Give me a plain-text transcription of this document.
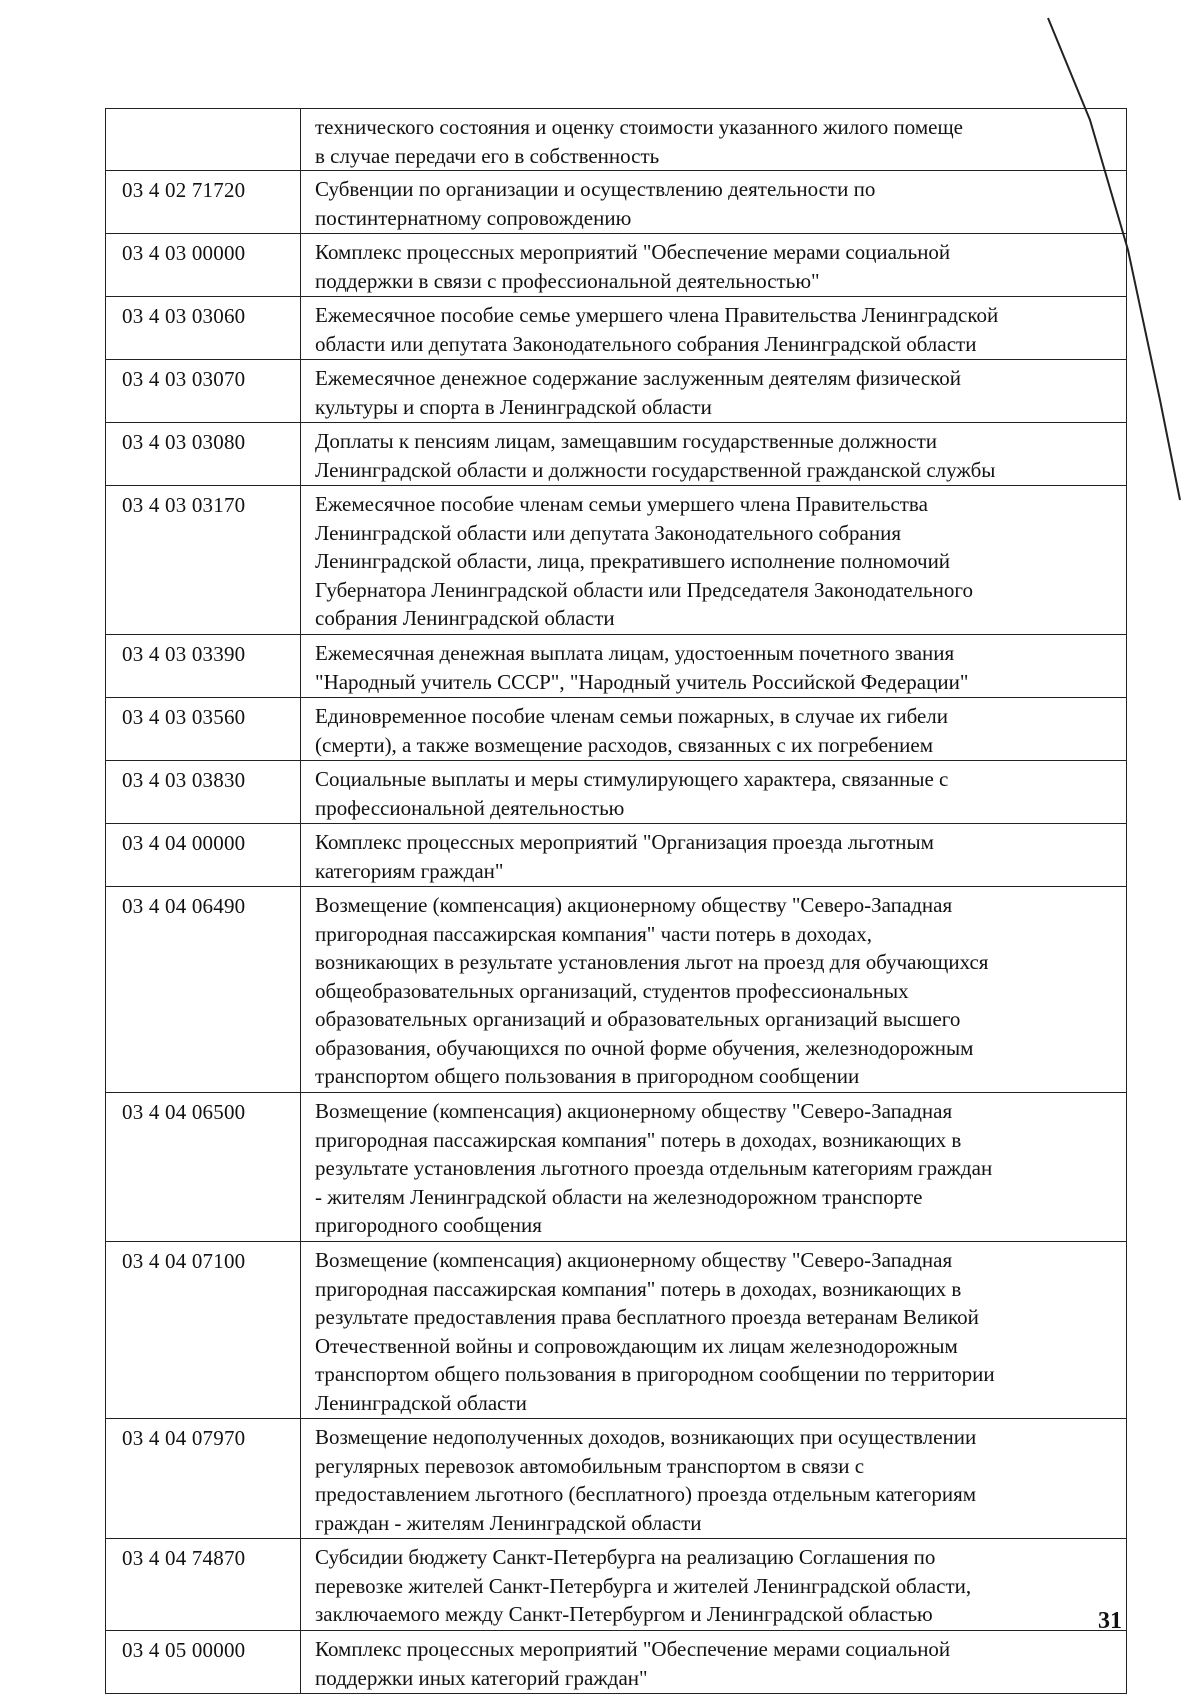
технического состояния и оценку стоимости указанного жилого помеще
в случае передачи его в собственность
03 4 02 71720	Субвенции по организации и осуществлению деятельности по
постинтернатному сопровождению
03 4 03 00000	Комплекс процессных мероприятий "Обеспечение мерами социальной
поддержки в связи с профессиональной деятельностью"
03 4 03 03060	Ежемесячное пособие семье умершего члена Правительства Ленинградской
области или депутата Законодательного собрания Ленинградской области
03 4 03 03070	Ежемесячное денежное содержание заслуженным деятелям физической
культуры и спорта в Ленинградской области
03 4 03 03080	Доплаты к пенсиям лицам, замещавшим государственные должности
Ленинградской области и должности государственной гражданской службы
03 4 03 03170	Ежемесячное пособие членам семьи умершего члена Правительства
Ленинградской области или депутата Законодательного собрания
Ленинградской области, лица, прекратившего исполнение полномочий
Губернатора Ленинградской области или Председателя Законодательного
собрания Ленинградской области
03 4 03 03390	Ежемесячная денежная выплата лицам, удостоенным почетного звания
"Народный учитель СССР", "Народный учитель Российской Федерации"
03 4 03 03560	Единовременное пособие членам семьи пожарных, в случае их гибели
(смерти), а также возмещение расходов, связанных с их погребением
03 4 03 03830	Социальные выплаты и меры стимулирующего характера, связанные с
профессиональной деятельностью
03 4 04 00000	Комплекс процессных мероприятий "Организация проезда льготным
категориям граждан"
03 4 04 06490	Возмещение (компенсация) акционерному обществу "Северо-Западная
пригородная пассажирская компания" части потерь в доходах,
возникающих в результате установления льгот на проезд для обучающихся
общеобразовательных организаций, студентов профессиональных
образовательных организаций и образовательных организаций высшего
образования, обучающихся по очной форме обучения, железнодорожным
транспортом общего пользования в пригородном сообщении
03 4 04 06500	Возмещение (компенсация) акционерному обществу "Северо-Западная
пригородная пассажирская компания" потерь в доходах, возникающих в
результате установления льготного проезда отдельным категориям граждан
- жителям Ленинградской области на железнодорожном транспорте
пригородного сообщения
03 4 04 07100	Возмещение (компенсация) акционерному обществу "Северо-Западная
пригородная пассажирская компания" потерь в доходах, возникающих в
результате предоставления права бесплатного проезда ветеранам Великой
Отечественной войны и сопровождающим их лицам железнодорожным
транспортом общего пользования в пригородном сообщении по территории
Ленинградской области
03 4 04 07970	Возмещение недополученных доходов, возникающих при осуществлении
регулярных перевозок автомобильным транспортом в связи с
предоставлением льготного (бесплатного) проезда отдельным категориям
граждан - жителям Ленинградской области
03 4 04 74870	Субсидии бюджету Санкт-Петербурга на реализацию Соглашения по
перевозке жителей Санкт-Петербурга и жителей Ленинградской области,
заключаемого между Санкт-Петербургом и Ленинградской областью
03 4 05 00000	Комплекс процессных мероприятий "Обеспечение мерами социальной
поддержки иных категорий граждан"
31
